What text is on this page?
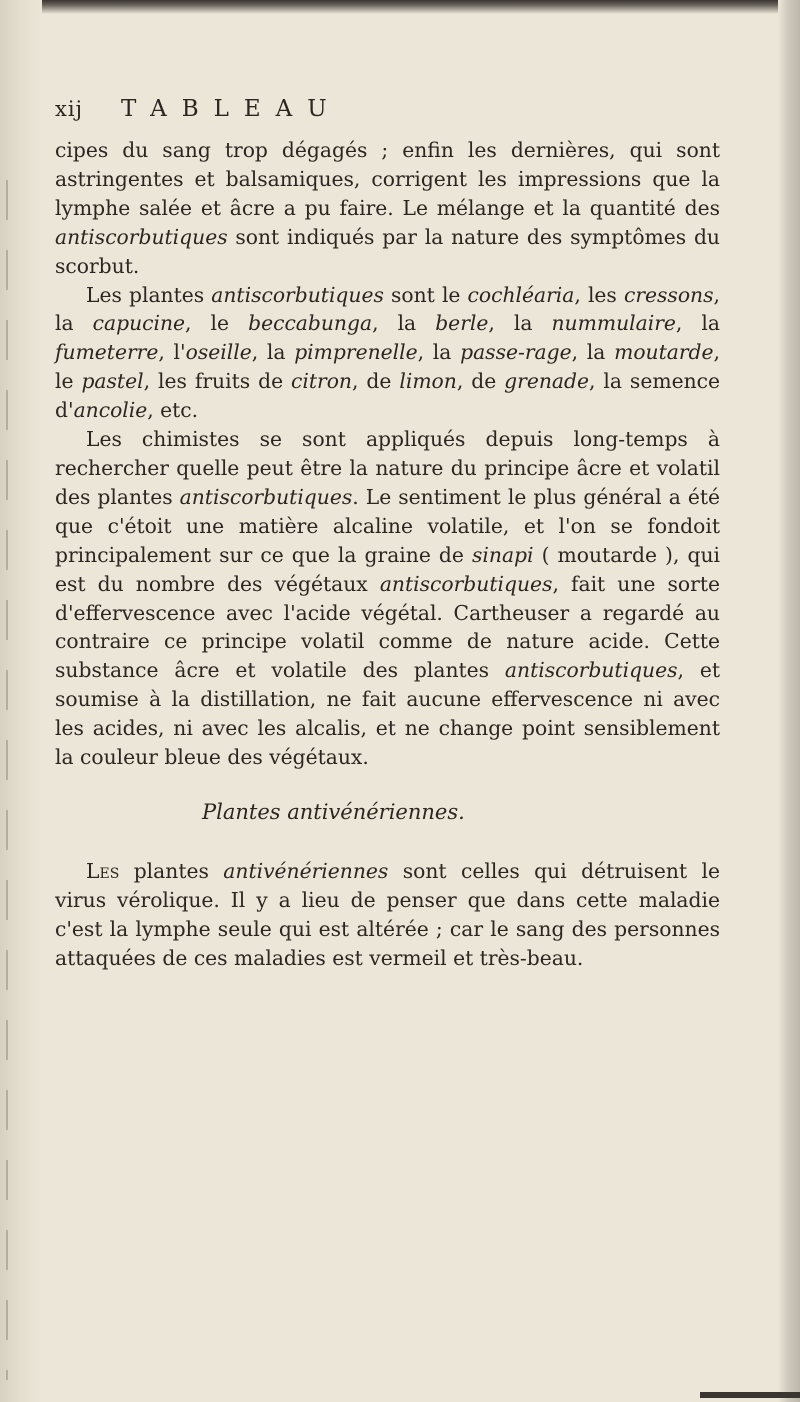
xij	TABLEAU

cipes du sang trop dégagés ; enfin les dernières, qui sont astringentes et balsamiques, corrigent les impressions que la lymphe salée et âcre a pu faire. Le mélange et la quantité des antiscorbutiques sont indiqués par la nature des symptômes du scorbut.

Les plantes antiscorbutiques sont le cochléaria, les cressons, la capucine, le beccabunga, la berle, la nummulaire, la fumeterre, l'oseille, la pimprenelle, la passe-rage, la moutarde, le pastel, les fruits de citron, de limon, de grenade, la semence d'ancolie, etc.

Les chimistes se sont appliqués depuis long-temps à rechercher quelle peut être la nature du principe âcre et volatil des plantes antiscorbutiques. Le sentiment le plus général a été que c'étoit une matière alcaline volatile, et l'on se fondoit principalement sur ce que la graine de sinapi ( moutarde ), qui est du nombre des végétaux antiscorbutiques, fait une sorte d'effervescence avec l'acide végétal. Cartheuser a regardé au contraire ce principe volatil comme de nature acide. Cette substance âcre et volatile des plantes antiscorbutiques, et soumise à la distillation, ne fait aucune effervescence ni avec les acides, ni avec les alcalis, et ne change point sensiblement la couleur bleue des végétaux.

Plantes antivénériennes.

Les plantes antivénériennes sont celles qui détruisent le virus vérolique. Il y a lieu de penser que dans cette maladie c'est la lymphe seule qui est altérée ; car le sang des personnes attaquées de ces maladies est vermeil et très-beau.
